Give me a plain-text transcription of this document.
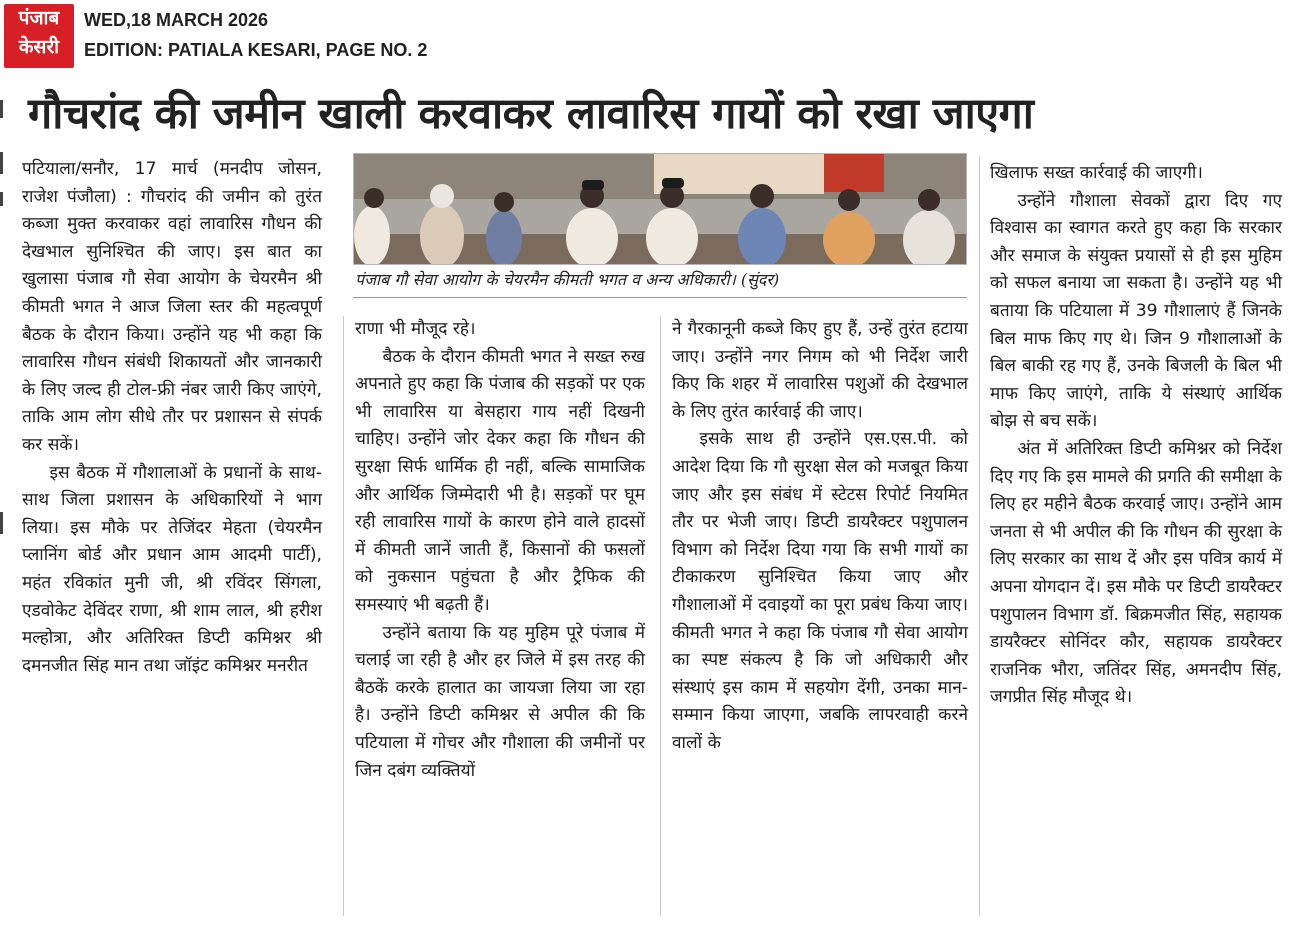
पंजाब
केसरी
WED,18 MARCH 2026
EDITION: PATIALA KESARI, PAGE NO. 2
गौचरांद की जमीन खाली करवाकर लावारिस गायों को रखा जाएगा

पटियाला/सनौर, 17 मार्च (मनदीप जोसन, राजेश पंजौला) : गौचरांद की जमीन को तुरंत कब्जा मुक्त करवाकर वहां लावारिस गौधन की देखभाल सुनिश्चित की जाए। इस बात का खुलासा पंजाब गौ सेवा आयोग के चेयरमैन श्री कीमती भगत ने आज जिला स्तर की महत्वपूर्ण बैठक के दौरान किया। उन्होंने यह भी कहा कि लावारिस गौधन संबंधी शिकायतों और जानकारी के लिए जल्द ही टोल-फ्री नंबर जारी किए जाएंगे, ताकि आम लोग सीधे तौर पर प्रशासन से संपर्क कर सकें।

इस बैठक में गौशालाओं के प्रधानों के साथ-साथ जिला प्रशासन के अधिकारियों ने भाग लिया। इस मौके पर तेजिंदर मेहता (चेयरमैन प्लानिंग बोर्ड और प्रधान आम आदमी पार्टी), महंत रविकांत मुनी जी, श्री रविंदर सिंगला, एडवोकेट देविंदर राणा, श्री शाम लाल, श्री हरीश मल्होत्रा, और अतिरिक्त डिप्टी कमिश्नर श्री दमनजीत सिंह मान तथा जॉइंट कमिश्नर मनरीत

पंजाब गौ सेवा आयोग के चेयरमैन कीमती भगत व अन्य अधिकारी। (सुंदर)

राणा भी मौजूद रहे।

बैठक के दौरान कीमती भगत ने सख्त रुख अपनाते हुए कहा कि पंजाब की सड़कों पर एक भी लावारिस या बेसहारा गाय नहीं दिखनी चाहिए। उन्होंने जोर देकर कहा कि गौधन की सुरक्षा सिर्फ धार्मिक ही नहीं, बल्कि सामाजिक और आर्थिक जिम्मेदारी भी है। सड़कों पर घूम रही लावारिस गायों के कारण होने वाले हादसों में कीमती जानें जाती हैं, किसानों की फसलों को नुकसान पहुंचता है और ट्रैफिक की समस्याएं भी बढ़ती हैं।

उन्होंने बताया कि यह मुहिम पूरे पंजाब में चलाई जा रही है और हर जिले में इस तरह की बैठकें करके हालात का जायजा लिया जा रहा है। उन्होंने डिप्टी कमिश्नर से अपील की कि पटियाला में गोचर और गौशाला की जमीनों पर जिन दबंग व्यक्तियों

ने गैरकानूनी कब्जे किए हुए हैं, उन्हें तुरंत हटाया जाए। उन्होंने नगर निगम को भी निर्देश जारी किए कि शहर में लावारिस पशुओं की देखभाल के लिए तुरंत कार्रवाई की जाए।

इसके साथ ही उन्होंने एस.एस.पी. को आदेश दिया कि गौ सुरक्षा सेल को मजबूत किया जाए और इस संबंध में स्टेटस रिपोर्ट नियमित तौर पर भेजी जाए। डिप्टी डायरैक्टर पशुपालन विभाग को निर्देश दिया गया कि सभी गायों का टीकाकरण सुनिश्चित किया जाए और गौशालाओं में दवाइयों का पूरा प्रबंध किया जाए। कीमती भगत ने कहा कि पंजाब गौ सेवा आयोग का स्पष्ट संकल्प है कि जो अधिकारी और संस्थाएं इस काम में सहयोग देंगी, उनका मान-सम्मान किया जाएगा, जबकि लापरवाही करने वालों के

खिलाफ सख्त कार्रवाई की जाएगी।

उन्होंने गौशाला सेवकों द्वारा दिए गए विश्वास का स्वागत करते हुए कहा कि सरकार और समाज के संयुक्त प्रयासों से ही इस मुहिम को सफल बनाया जा सकता है। उन्होंने यह भी बताया कि पटियाला में 39 गौशालाएं हैं जिनके बिल माफ किए गए थे। जिन 9 गौशालाओं के बिल बाकी रह गए हैं, उनके बिजली के बिल भी माफ किए जाएंगे, ताकि ये संस्थाएं आर्थिक बोझ से बच सकें।

अंत में अतिरिक्त डिप्टी कमिश्नर को निर्देश दिए गए कि इस मामले की प्रगति की समीक्षा के लिए हर महीने बैठक करवाई जाए। उन्होंने आम जनता से भी अपील की कि गौधन की सुरक्षा के लिए सरकार का साथ दें और इस पवित्र कार्य में अपना योगदान दें। इस मौके पर डिप्टी डायरैक्टर पशुपालन विभाग डॉ. बिक्रमजीत सिंह, सहायक डायरैक्टर सोनिंदर कौर, सहायक डायरैक्टर राजनिक भौरा, जतिंदर सिंह, अमनदीप सिंह, जगप्रीत सिंह मौजूद थे।
